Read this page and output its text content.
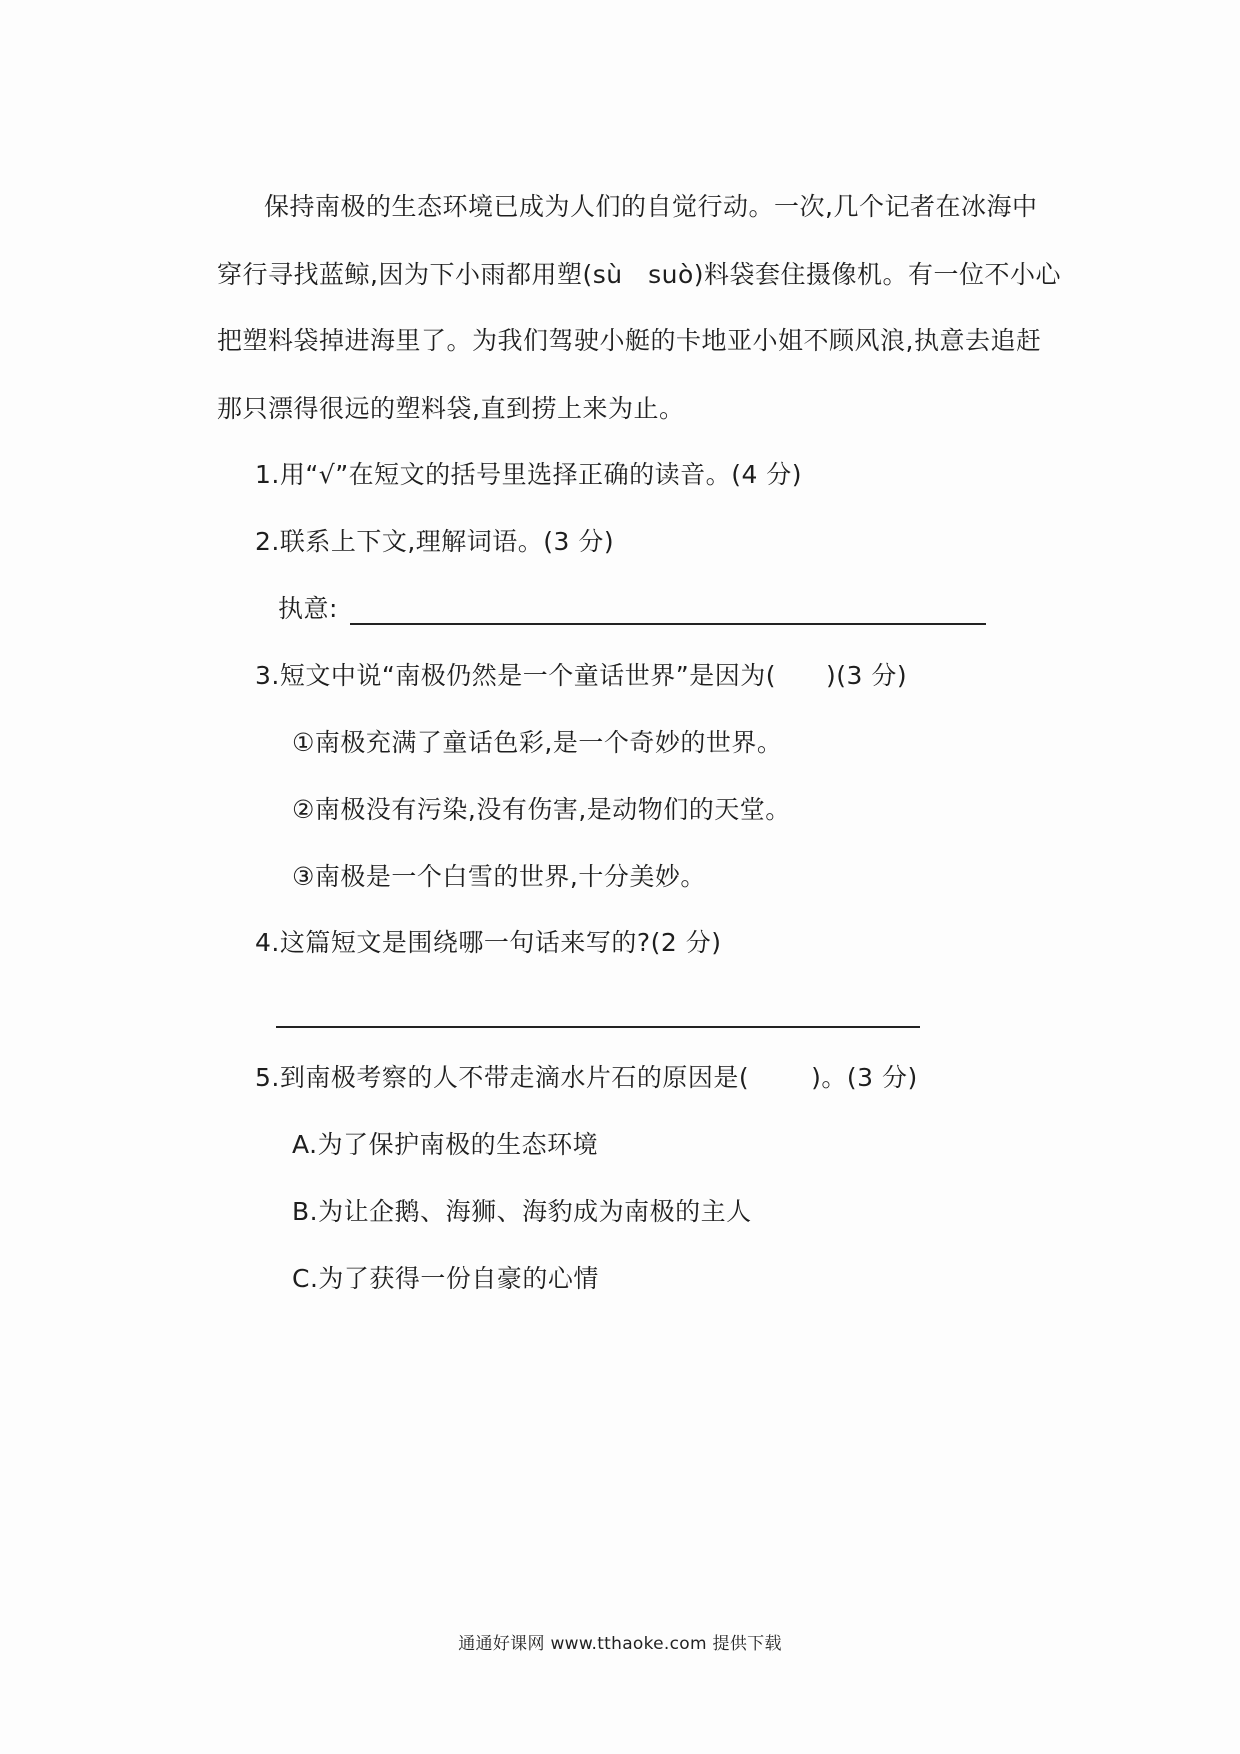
保持南极的生态环境已成为人们的自觉行动。一次,几个记者在冰海中
穿行寻找蓝鲸,因为下小雨都用塑(sù　suò)料袋套住摄像机。有一位不小心
把塑料袋掉进海里了。为我们驾驶小艇的卡地亚小姐不顾风浪,执意去追赶
那只漂得很远的塑料袋,直到捞上来为止。
1.用“√”在短文的括号里选择正确的读音。(4 分)
2.联系上下文,理解词语。(3 分)
执意:
3.短文中说“南极仍然是一个童话世界”是因为( )(3 分)
①南极充满了童话色彩,是一个奇妙的世界。
②南极没有污染,没有伤害,是动物们的天堂。
③南极是一个白雪的世界,十分美妙。
4.这篇短文是围绕哪一句话来写的?(2 分)
5.到南极考察的人不带走滴水片石的原因是( )。(3 分)
A.为了保护南极的生态环境
B.为让企鹅、海狮、海豹成为南极的主人
C.为了获得一份自豪的心情
通通好课网 www.tthaoke.com 提供下载
